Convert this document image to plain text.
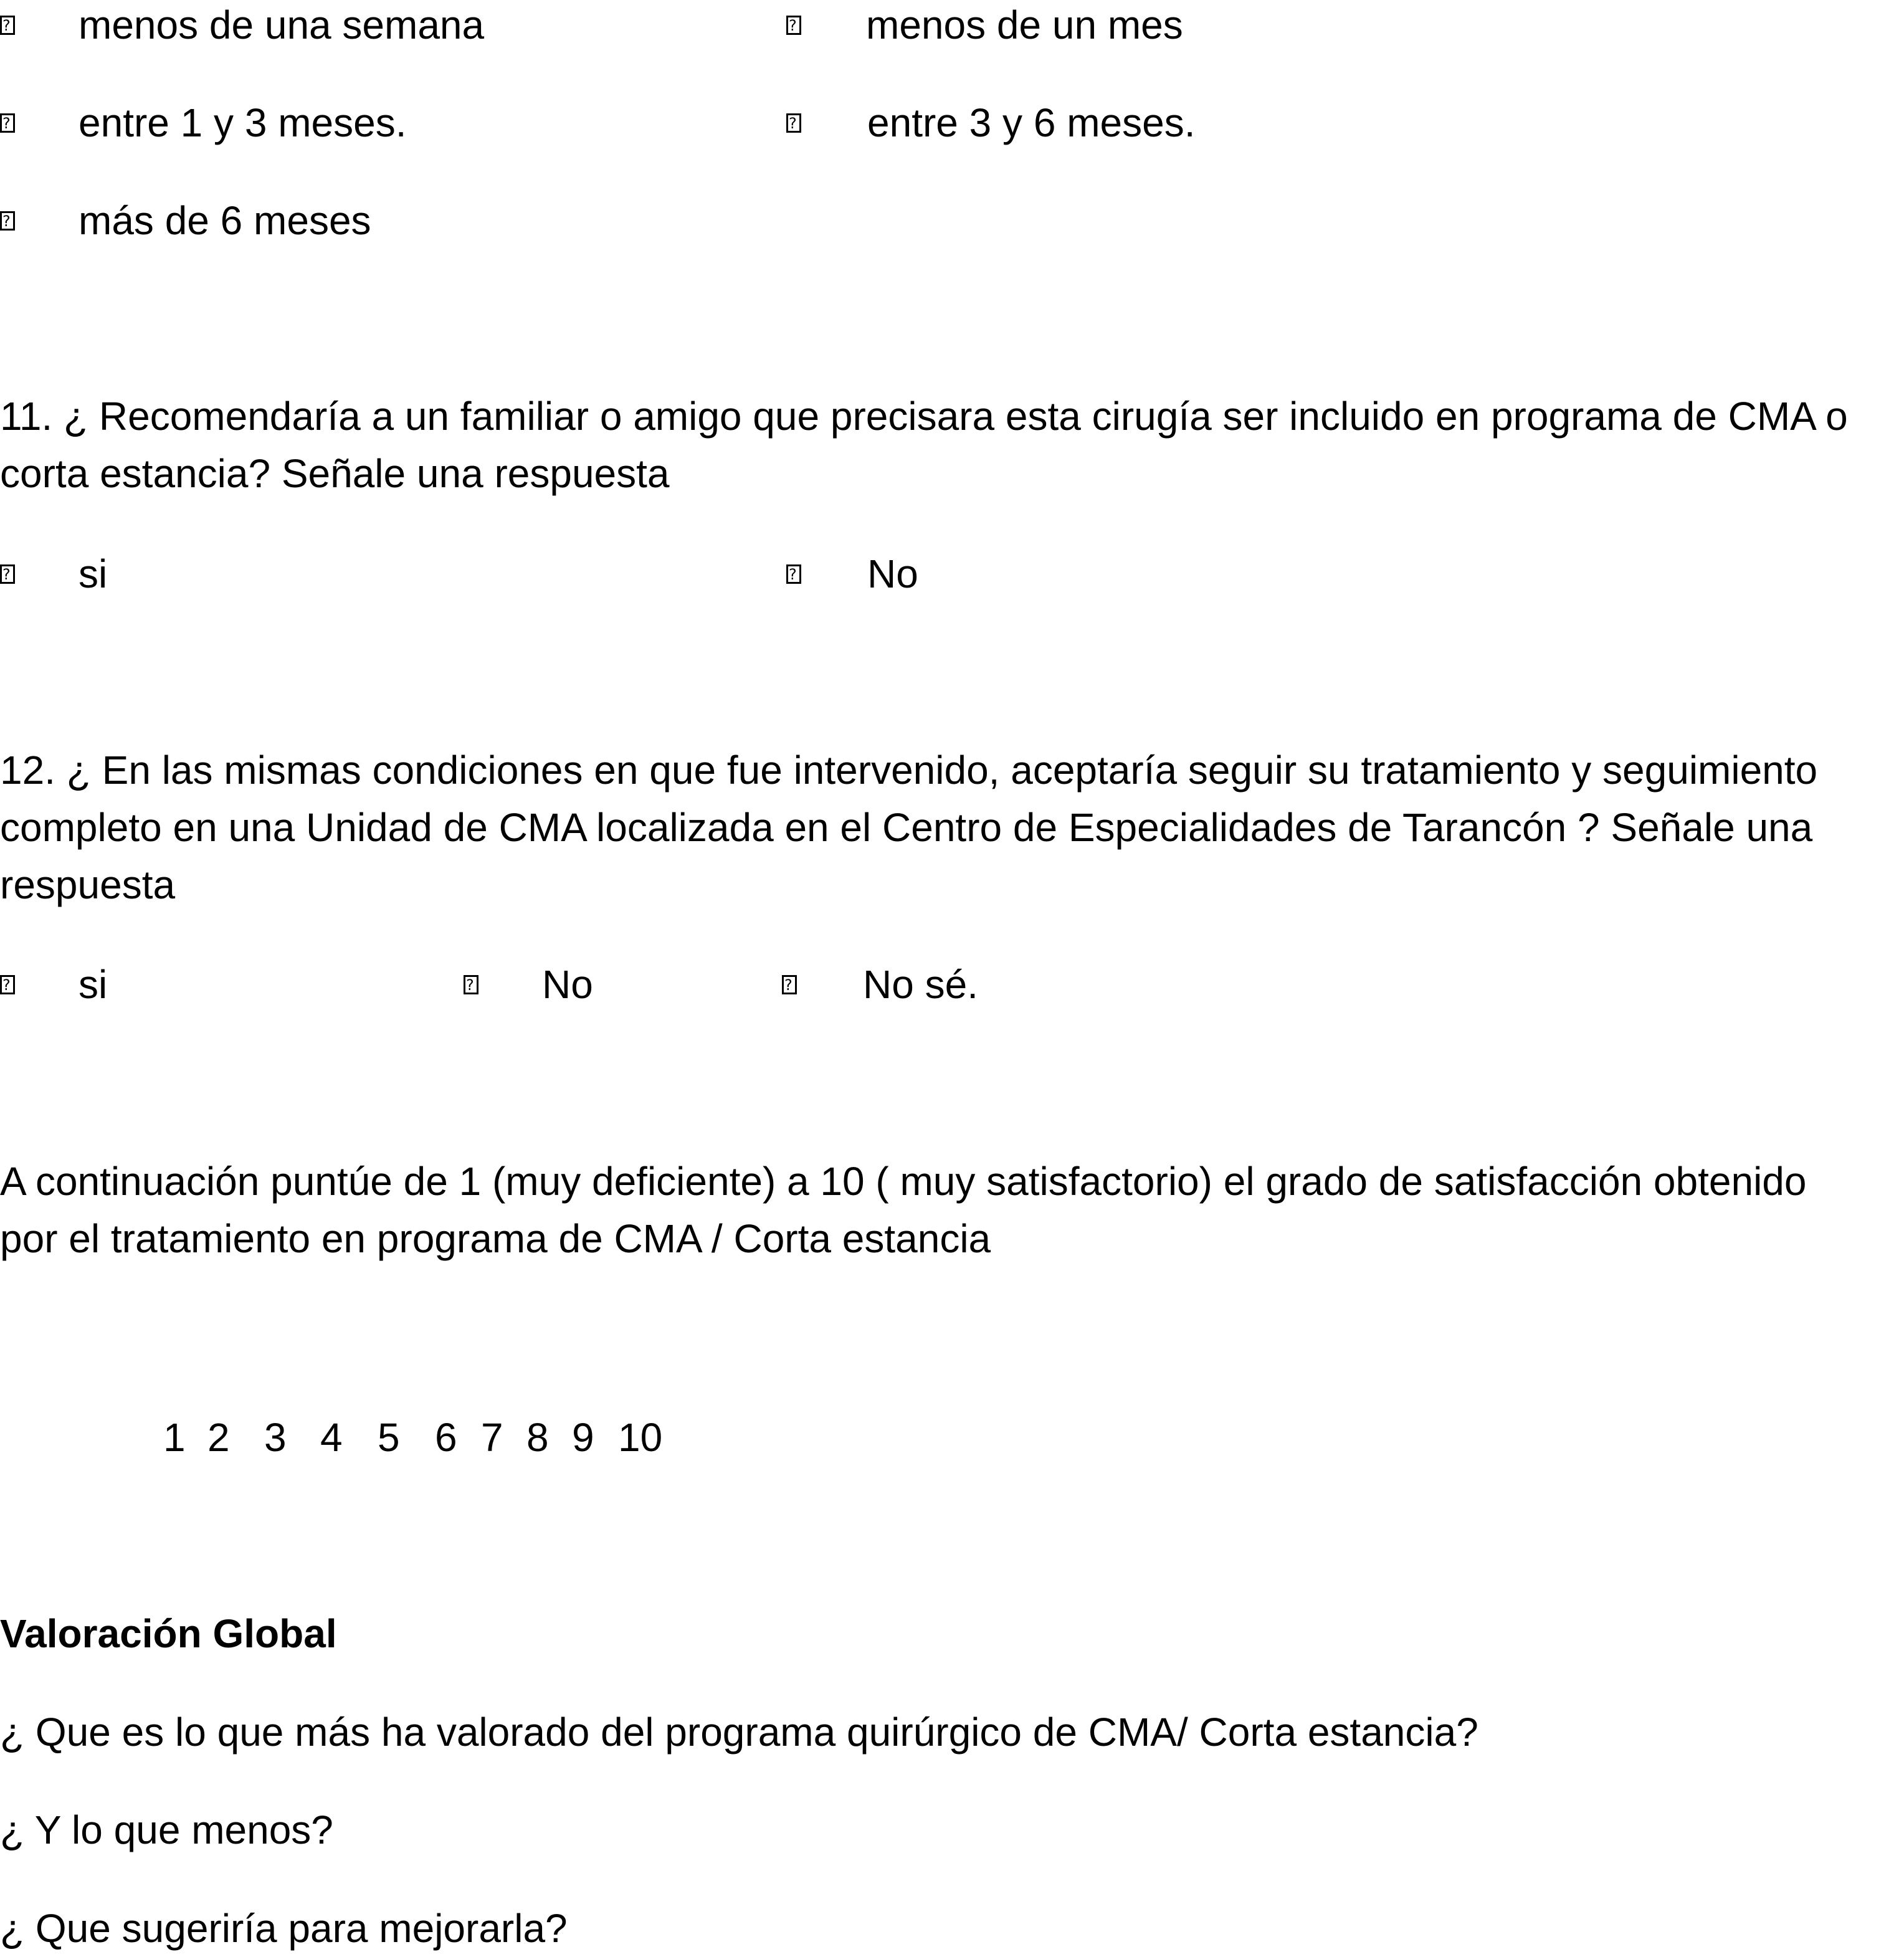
? menos de una semana	? menos de un mes
? entre 1 y 3 meses.	? entre 3 y 6 meses.
? más de 6 meses
11. ¿ Recomendaría a un familiar o amigo que precisara esta cirugía ser incluido en programa de CMA o
corta estancia? Señale una respuesta
? si	? No
12. ¿ En las mismas condiciones en que fue intervenido, aceptaría seguir su tratamiento y seguimiento
completo en una Unidad de CMA localizada en el Centro de Especialidades de Tarancón ? Señale una
respuesta
? si	? No	? No sé.
A continuación puntúe de 1 (muy deficiente) a 10 ( muy satisfactorio) el grado de satisfacción obtenido
por el tratamiento en programa de CMA / Corta estancia
1 2 3 4 5 6 7 8 9 10
Valoración Global
¿ Que es lo que más ha valorado del programa quirúrgico de CMA/ Corta estancia?
¿ Y lo que menos?
¿ Que sugeriría para mejorarla?
